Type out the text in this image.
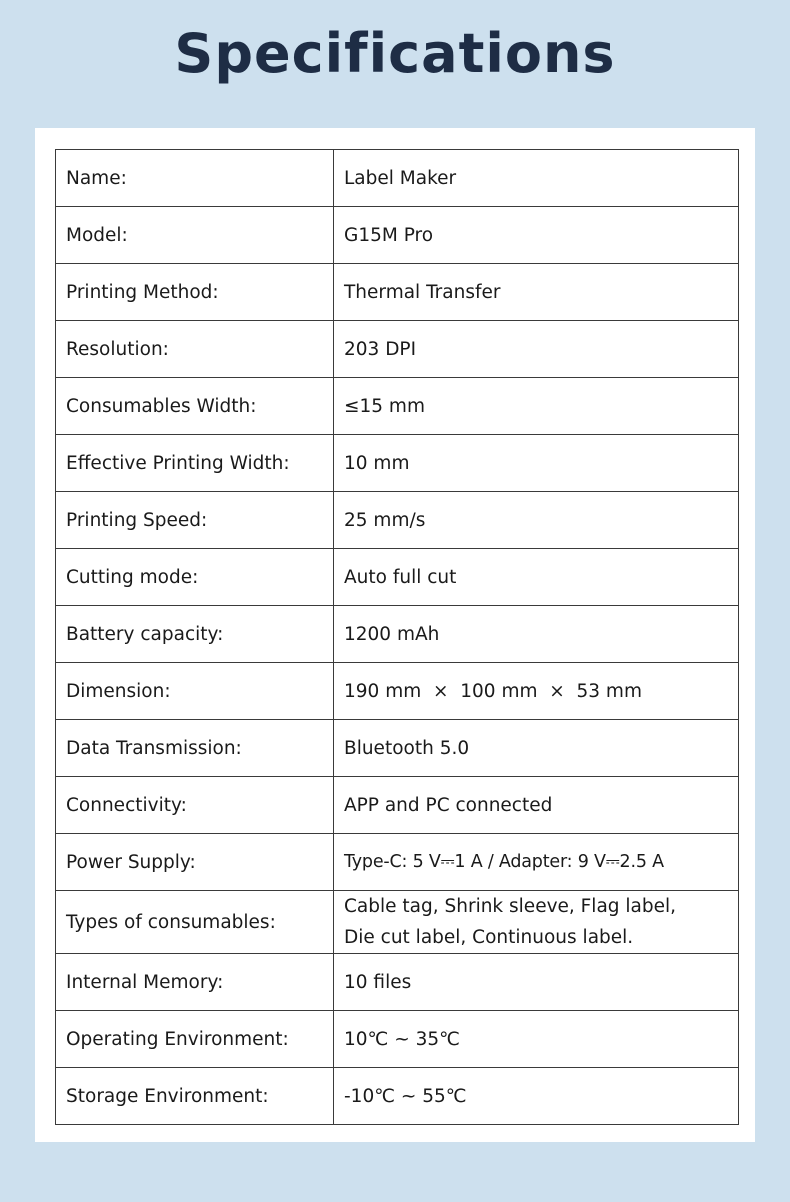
Specifications
Name:	Label Maker
Model:	G15M Pro
Printing Method:	Thermal Transfer
Resolution:	203 DPI
Consumables Width:	≤15 mm
Effective Printing Width:	10 mm
Printing Speed:	25 mm/s
Cutting mode:	Auto full cut
Battery capacity:	1200 mAh
Dimension:	190 mm  ×  100 mm  ×  53 mm
Data Transmission:	Bluetooth 5.0
Connectivity:	APP and PC connected
Power Supply:	Type-C: 5 V⎓1 A / Adapter: 9 V⎓2.5 A
Types of consumables:	Cable tag, Shrink sleeve, Flag label,
Die cut label, Continuous label.

Internal Memory:	10 files
Operating Environment:	10℃ ~ 35℃
Storage Environment:	-10℃ ~ 55℃
